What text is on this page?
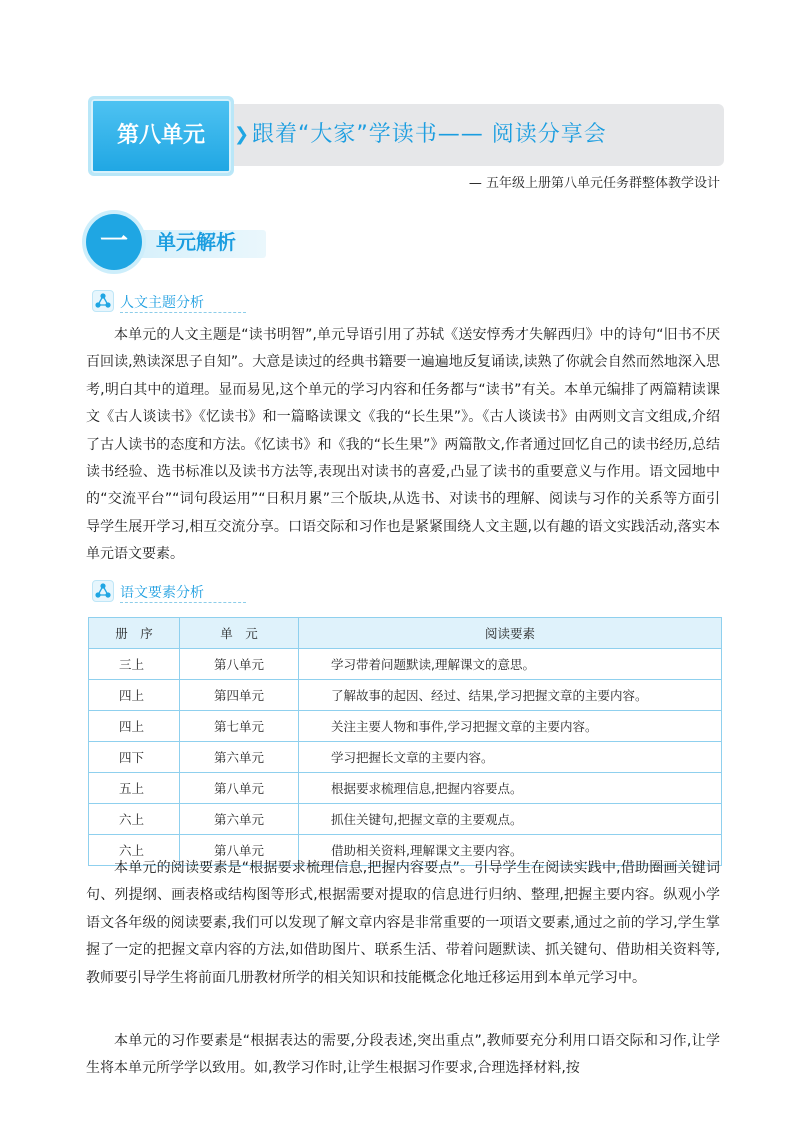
第八单元	❯ 跟着“大家”学读书—— 阅读分享会
— 五年级上册第八单元任务群整体教学设计
一	单元解析
人文主题分析
本单元的人文主题是“读书明智”,单元导语引用了苏轼《送安惇秀才失解西归》中的诗句“旧书不厌百回读,熟读深思子自知”。大意是读过的经典书籍要一遍遍地反复诵读,读熟了你就会自然而然地深入思考,明白其中的道理。显而易见,这个单元的学习内容和任务都与“读书”有关。本单元编排了两篇精读课文《古人谈读书》《忆读书》和一篇略读课文《我的“长生果”》。《古人谈读书》由两则文言文组成,介绍了古人读书的态度和方法。《忆读书》和《我的“长生果”》两篇散文,作者通过回忆自己的读书经历,总结读书经验、选书标准以及读书方法等,表现出对读书的喜爱,凸显了读书的重要意义与作用。语文园地中的“交流平台”“词句段运用”“日积月累”三个版块,从选书、对读书的理解、阅读与习作的关系等方面引导学生展开学习,相互交流分享。口语交际和习作也是紧紧围绕人文主题,以有趣的语文实践活动,落实本单元语文要素。
语文要素分析
册　序	单　元	阅读要素
三上	第八单元	学习带着问题默读,理解课文的意思。
四上	第四单元	了解故事的起因、经过、结果,学习把握文章的主要内容。
四上	第七单元	关注主要人物和事件,学习把握文章的主要内容。
四下	第六单元	学习把握长文章的主要内容。
五上	第八单元	根据要求梳理信息,把握内容要点。
六上	第六单元	抓住关键句,把握文章的主要观点。
六上	第八单元	借助相关资料,理解课文主要内容。
本单元的阅读要素是“根据要求梳理信息,把握内容要点”。引导学生在阅读实践中,借助圈画关键词句、列提纲、画表格或结构图等形式,根据需要对提取的信息进行归纳、整理,把握主要内容。纵观小学语文各年级的阅读要素,我们可以发现了解文章内容是非常重要的一项语文要素,通过之前的学习,学生掌握了一定的把握文章内容的方法,如借助图片、联系生活、带着问题默读、抓关键句、借助相关资料等,教师要引导学生将前面几册教材所学的相关知识和技能概念化地迁移运用到本单元学习中。
本单元的习作要素是“根据表达的需要,分段表述,突出重点”,教师要充分利用口语交际和习作,让学生将本单元所学学以致用。如,教学习作时,让学生根据习作要求,合理选择材料,按
